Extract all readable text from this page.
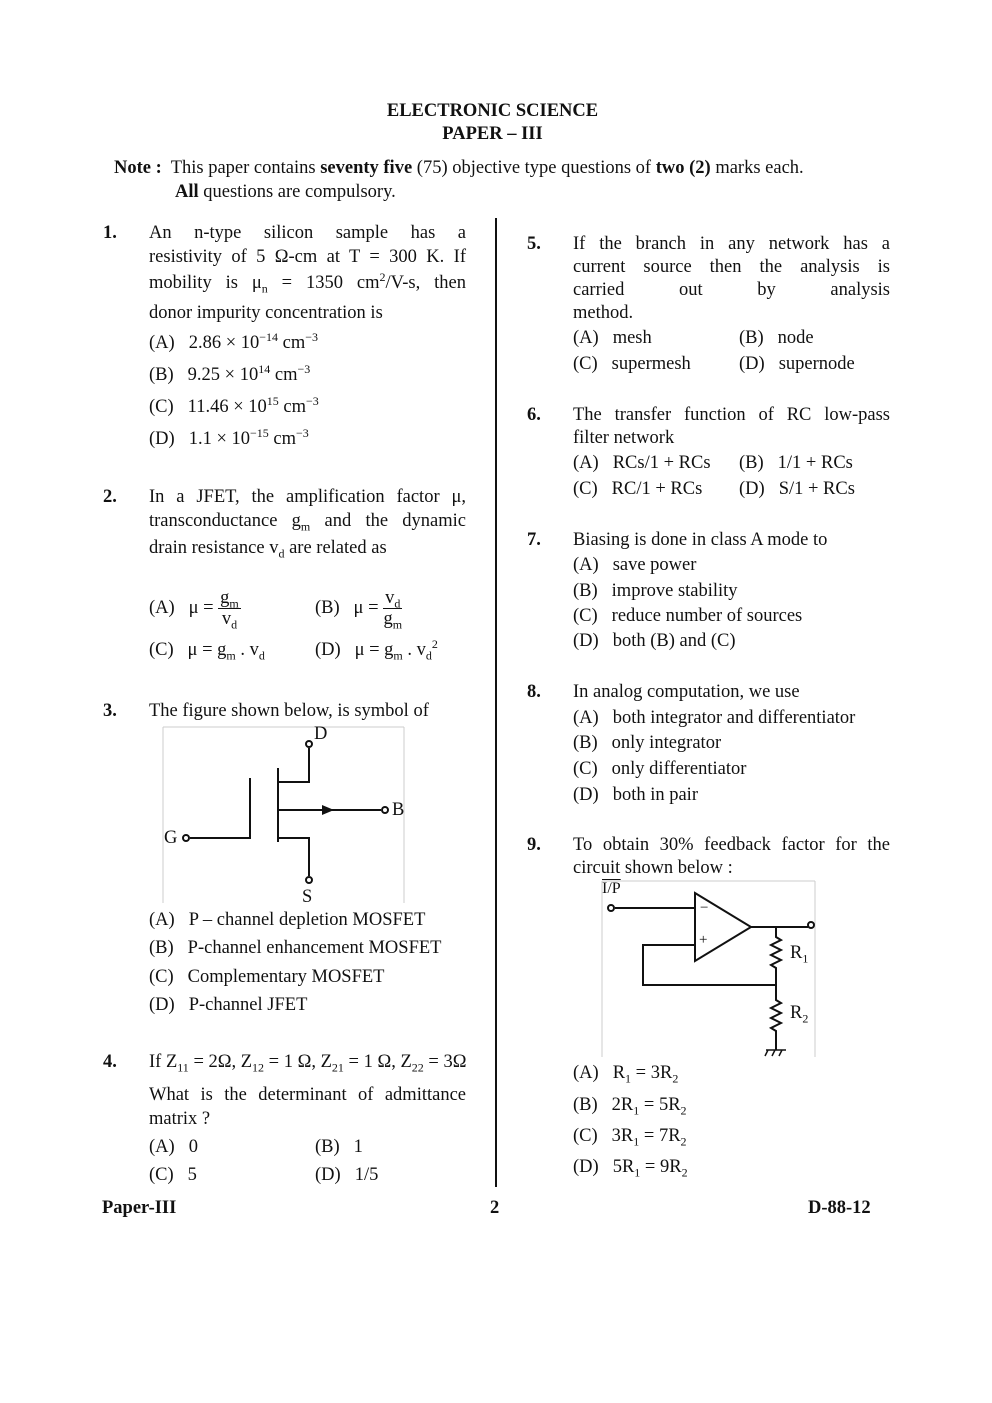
ELECTRONIC SCIENCE
PAPER – III
Note : This paper contains seventy five (75) objective type questions of two (2) marks each.
All questions are compulsory.
1. An n-type silicon sample has a
resistivity of 5 Ω-cm at T = 300 K. If
mobility is $\mu_n = 1350$ $cm^2/V-s$, then
donor impurity concentration is
(A) $2.86 \times 10^{-14}$ $cm^{-3}$
(B) $9.25 \times 10^{14}$ $cm^{-3}$
(C) $11.46 \times 10^{15}$ $cm^{-3}$
(D) $1.1 \times 10^{-15}$ $cm^{-3}$
2. In a JFET, the amplification factor μ,
transconductance $g_m$ and the dynamic
drain resistance $v_d$ are related as
(A) $\mu = \frac{g_m}{v_d}$	(B) $\mu = \frac{v_d}{g_m}$
(C) $\mu = g_m$ . $v_d$	(D) $\mu = g_m$ . $v_d^2$
3. The figure shown below, is symbol of
D
S
G
B
(A) P – channel depletion MOSFET
(B) P-channel enhancement MOSFET
(C) Complementary MOSFET
(D) P-channel JFET
4. If $Z_{11} = 2\Omega$, $Z_{12} = 1$ Ω, $Z_{21} = 1$ Ω, $Z_{22} = 3\Omega$
What is the determinant of admittance
matrix ?
(A) 0	(B) 1
(C) 5	(D) 1/5
5. If the branch in any network has a
current source then the analysis is
carried out by analysis
method.
(A) mesh	(B) node
(C) supermesh	(D) supernode
6. The transfer function of RC low-pass
filter network
(A) RCs/1 + RCs (B) 1/1 + RCs
(C) RC/1 + RCs (D) S/1 + RCs
7. Biasing is done in class A mode to
(A) save power
(B) improve stability
(C) reduce number of sources
(D) both (B) and (C)
8. In analog computation, we use
(A) both integrator and differentiator
(B) only integrator
(C) only differentiator
(D) both in pair
9. To obtain 30% feedback factor for the
circuit shown below :
I/P
−
+
$R_1$
$R_2$
(A) $R_1 = 3R_2$
(B) $2R_1 = 5R_2$
(C) $3R_1 = 7R_2$
(D) $5R_1 = 9R_2$
Paper-III	2	D-88-12
